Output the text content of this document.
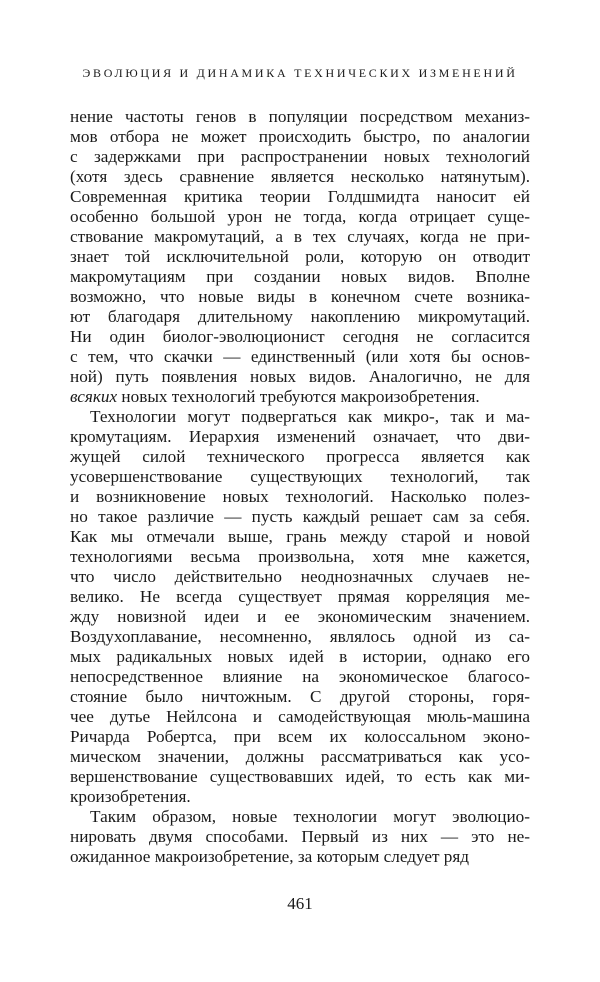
ЭВОЛЮЦИЯ И ДИНАМИКА ТЕХНИЧЕСКИХ ИЗМЕНЕНИЙ
нение частоты генов в популяции посредством механиз-
мов отбора не может происходить быстро, по аналогии
с задержками при распространении новых технологий
(хотя здесь сравнение является несколько натянутым).
Современная критика теории Голдшмидта наносит ей
особенно большой урон не тогда, когда отрицает суще-
ствование макромутаций, а в тех случаях, когда не при-
знает той исключительной роли, которую он отводит
макромутациям при создании новых видов. Вполне
возможно, что новые виды в конечном счете возника-
ют благодаря длительному накоплению микромутаций.
Ни один биолог-эволюционист сегодня не согласится
с тем, что скачки — единственный (или хотя бы основ-
ной) путь появления новых видов. Аналогично, не для
всяких новых технологий требуются макроизобретения.
Технологии могут подвергаться как микро-, так и ма-
кромутациям. Иерархия изменений означает, что дви-
жущей силой технического прогресса является как
усовершенствование существующих технологий, так
и возникновение новых технологий. Насколько полез-
но такое различие — пусть каждый решает сам за себя.
Как мы отмечали выше, грань между старой и новой
технологиями весьма произвольна, хотя мне кажется,
что число действительно неоднозначных случаев не-
велико. Не всегда существует прямая корреляция ме-
жду новизной идеи и ее экономическим значением.
Воздухоплавание, несомненно, являлось одной из са-
мых радикальных новых идей в истории, однако его
непосредственное влияние на экономическое благосо-
стояние было ничтожным. С другой стороны, горя-
чее дутье Нейлсона и самодействующая мюль-машина
Ричарда Робертса, при всем их колоссальном эконо-
мическом значении, должны рассматриваться как усо-
вершенствование существовавших идей, то есть как ми-
кроизобретения.
Таким образом, новые технологии могут эволюцио-
нировать двумя способами. Первый из них — это не-
ожиданное макроизобретение, за которым следует ряд
461
